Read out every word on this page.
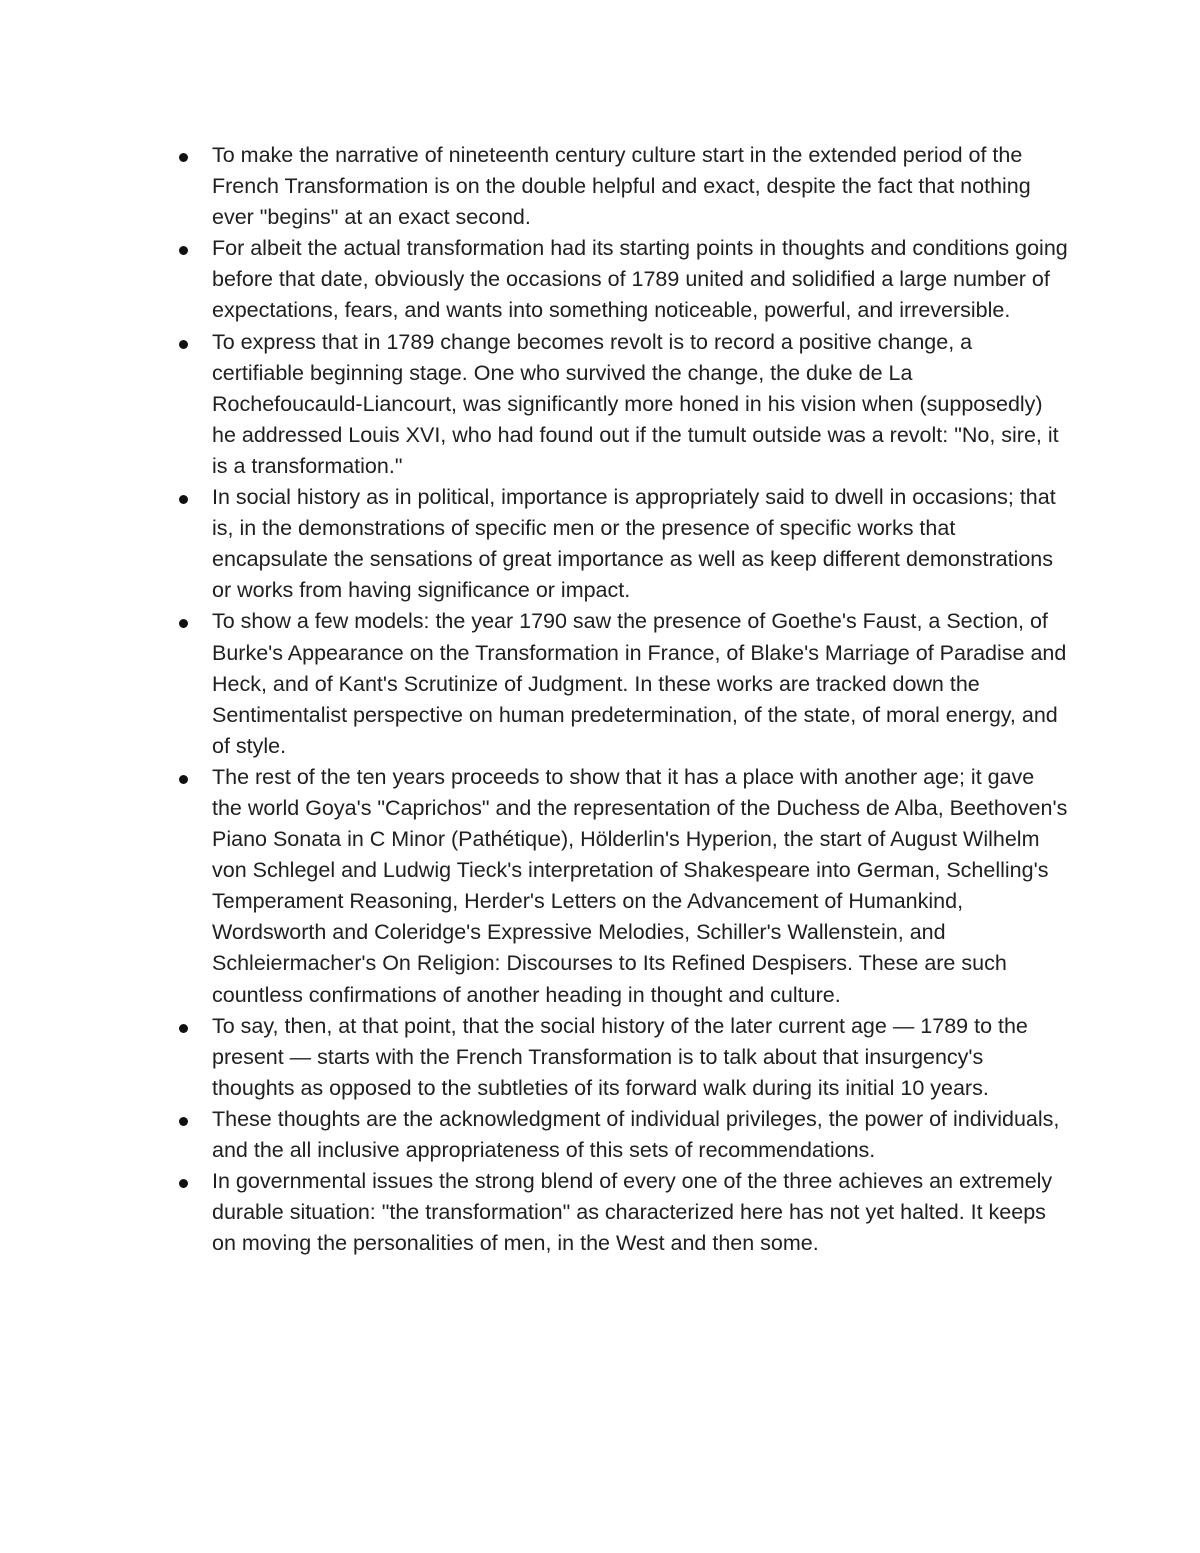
To make the narrative of nineteenth century culture start in the extended period of the French Transformation is on the double helpful and exact, despite the fact that nothing ever "begins" at an exact second.
For albeit the actual transformation had its starting points in thoughts and conditions going before that date, obviously the occasions of 1789 united and solidified a large number of expectations, fears, and wants into something noticeable, powerful, and irreversible.
To express that in 1789 change becomes revolt is to record a positive change, a certifiable beginning stage. One who survived the change, the duke de La Rochefoucauld-Liancourt, was significantly more honed in his vision when (supposedly) he addressed Louis XVI, who had found out if the tumult outside was a revolt: "No, sire, it is a transformation."
In social history as in political, importance is appropriately said to dwell in occasions; that is, in the demonstrations of specific men or the presence of specific works that encapsulate the sensations of great importance as well as keep different demonstrations or works from having significance or impact.
To show a few models: the year 1790 saw the presence of Goethe's Faust, a Section, of Burke's Appearance on the Transformation in France, of Blake's Marriage of Paradise and Heck, and of Kant's Scrutinize of Judgment. In these works are tracked down the Sentimentalist perspective on human predetermination, of the state, of moral energy, and of style.
The rest of the ten years proceeds to show that it has a place with another age; it gave the world Goya's "Caprichos" and the representation of the Duchess de Alba, Beethoven's Piano Sonata in C Minor (Pathétique), Hölderlin's Hyperion, the start of August Wilhelm von Schlegel and Ludwig Tieck's interpretation of Shakespeare into German, Schelling's Temperament Reasoning, Herder's Letters on the Advancement of Humankind, Wordsworth and Coleridge's Expressive Melodies, Schiller's Wallenstein, and Schleiermacher's On Religion: Discourses to Its Refined Despisers. These are such countless confirmations of another heading in thought and culture.
To say, then, at that point, that the social history of the later current age — 1789 to the present — starts with the French Transformation is to talk about that insurgency's thoughts as opposed to the subtleties of its forward walk during its initial 10 years.
These thoughts are the acknowledgment of individual privileges, the power of individuals, and the all inclusive appropriateness of this sets of recommendations.
In governmental issues the strong blend of every one of the three achieves an extremely durable situation: "the transformation" as characterized here has not yet halted. It keeps on moving the personalities of men, in the West and then some.
